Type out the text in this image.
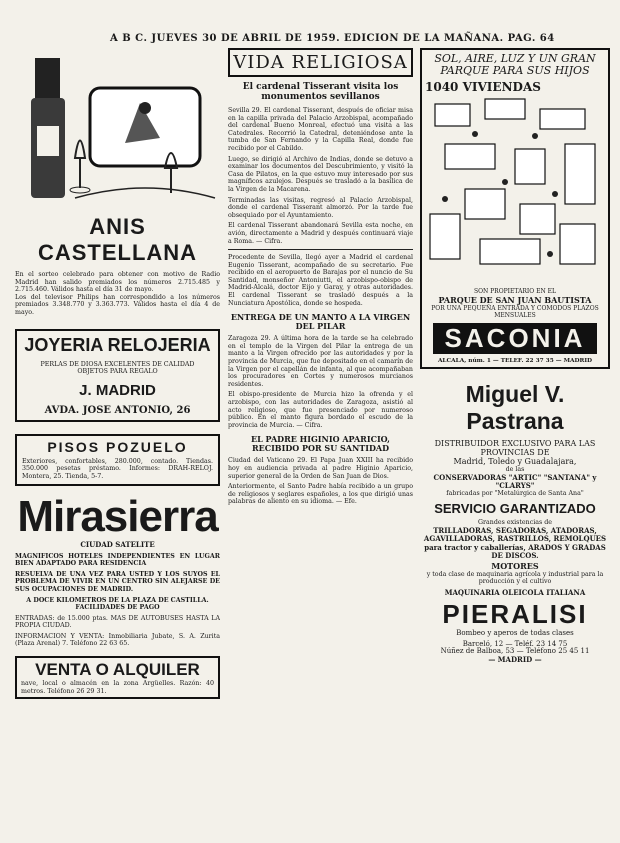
A B C. JUEVES 30 DE ABRIL DE 1959. EDICION DE LA MAÑANA. PAG. 64
ANIS CASTELLANA

En el sorteo celebrado para obtener con motivo de Radio Madrid han salido premiados los números 2.715.485 y 2.715.460. Válidos hasta el día 31 de mayo.

Los del televisor Philips han correspondido a los números premiados 3.348.770 y 3.363.773. Válidos hasta el día 4 de mayo.

JOYERIA RELOJERIA

PERLAS DE DIOSA EXCELENTES DE CALIDAD OBJETOS PARA REGALO

J. MADRID
AVDA. JOSE ANTONIO, 26
PISOS POZUELO

Exteriores, confortables, 280.000, contado. Tiendas. 350.000 pesetas préstamo. Informes: DRAH-RELOJ. Montera, 25. Tienda, 5-7.

Mirasierra
CIUDAD SATELITE

MAGNIFICOS HOTELES INDEPENDIENTES EN LUGAR BIEN ADAPTADO PARA RESIDENCIA

RESUELVA DE UNA VEZ PARA USTED Y LOS SUYOS EL PROBLEMA DE VIVIR EN UN CENTRO SIN ALEJARSE DE SUS OCUPACIONES DE MADRID.

A DOCE KILOMETROS DE LA PLAZA DE CASTILLA. FACILIDADES DE PAGO

ENTRADAS: de 15.000 ptas. MAS DE AUTOBUSES HASTA LA PROPIA CIUDAD.

INFORMACION Y VENTA: Inmobiliaria Jubate, S. A. Zurita (Plaza Arenal) 7. Teléfono 22 63 65.

VENTA O ALQUILER

nave, local o almacén en la zona Argüelles. Razón: 40 metros. Teléfono 26 29 31.

VIDA RELIGIOSA
El cardenal Tisserant visita los monumentos sevillanos

Sevilla 29. El cardenal Tisserant, después de oficiar misa en la capilla privada del Palacio Arzobispal, acompañado del cardenal Bueno Monreal, efectuó una visita a las Catedrales. Recorrió la Catedral, deteniéndose ante la tumba de San Fernando y la Capilla Real, donde fue recibido por el Cabildo.

Luego, se dirigió al Archivo de Indias, donde se detuvo a examinar los documentos del Descubrimiento, y visitó la Casa de Pilatos, en la que estuvo muy interesado por sus magníficos azulejos. Después se trasladó a la basílica de la Virgen de la Macarena.

Terminadas las visitas, regresó al Palacio Arzobispal, donde el cardenal Tisserant almorzó. Por la tarde fue obsequiado por el Ayuntamiento.

El cardenal Tisserant abandonará Sevilla esta noche, en avión, directamente a Madrid y después continuará viaje a Roma. — Cifra.

Procedente de Sevilla, llegó ayer a Madrid el cardenal Eugenio Tisserant, acompañado de su secretario. Fue recibido en el aeropuerto de Barajas por el nuncio de Su Santidad, monseñor Antoniutti, el arzobispo-obispo de Madrid-Alcalá, doctor Eijo y Garay, y otras autoridades. El cardenal Tisserant se trasladó después a la Nunciatura Apostólica, donde se hospeda.

ENTREGA DE UN MANTO A LA VIRGEN DEL PILAR

Zaragoza 29. A última hora de la tarde se ha celebrado en el templo de la Virgen del Pilar la entrega de un manto a la Virgen ofrecido por las autoridades y por la provincia de Murcia, que fue depositado en el camarín de la Virgen por el capellán de infanta, al que acompañaban los procuradores en Cortes y numerosos murcianos residentes.

El obispo-presidente de Murcia hizo la ofrenda y el arzobispo, con las autoridades de Zaragoza, asistió al acto religioso, que fue presenciado por numeroso público. En el manto figura bordado el escudo de la provincia de Murcia. — Cifra.

EL PADRE HIGINIO APARICIO, RECIBIDO POR SU SANTIDAD

Ciudad del Vaticano 29. El Papa Juan XXIII ha recibido hoy en audiencia privada al padre Higinio Aparicio, superior general de la Orden de San Juan de Dios.

Anteriormente, el Santo Padre había recibido a un grupo de religiosos y seglares españoles, a los que dirigió unas palabras de aliento en su idioma. — Efe.

SOL, AIRE, LUZ Y UN GRAN PARQUE PARA SUS HIJOS
1040 VIVIENDAS
SON PROPIETARIO EN EL
PARQUE DE SAN JUAN BAUTISTA
POR UNA PEQUEÑA ENTRADA Y COMODOS PLAZOS MENSUALES
SACONIA
ALCALA, núm. 1 — TELEF. 22 37 35 — MADRID
Miguel V. Pastrana
DISTRIBUIDOR EXCLUSIVO PARA LAS PROVINCIAS DE
Madrid, Toledo y Guadalajara,
de las
CONSERVADORAS "ARTIC" "SANTANA" y "CLARYS"
fabricadas por "Metalúrgica de Santa Ana"
SERVICIO GARANTIZADO
Grandes existencias de

TRILLADORAS, SEGADORAS, ATADORAS, AGAVILLADORAS, RASTRILLOS, REMOLQUES para tractor y caballerías, ARADOS Y GRADAS DE DISCOS.

MOTORES

y toda clase de maquinaria agrícola y industrial para la producción y el cultivo

MAQUINARIA OLEICOLA ITALIANA
PIERALISI
Bombeo y aperos de todas clases
Barceló, 12 — Teléf. 23 14 75
Núñez de Balboa, 53 — Teléfono 25 45 11
— MADRID —
